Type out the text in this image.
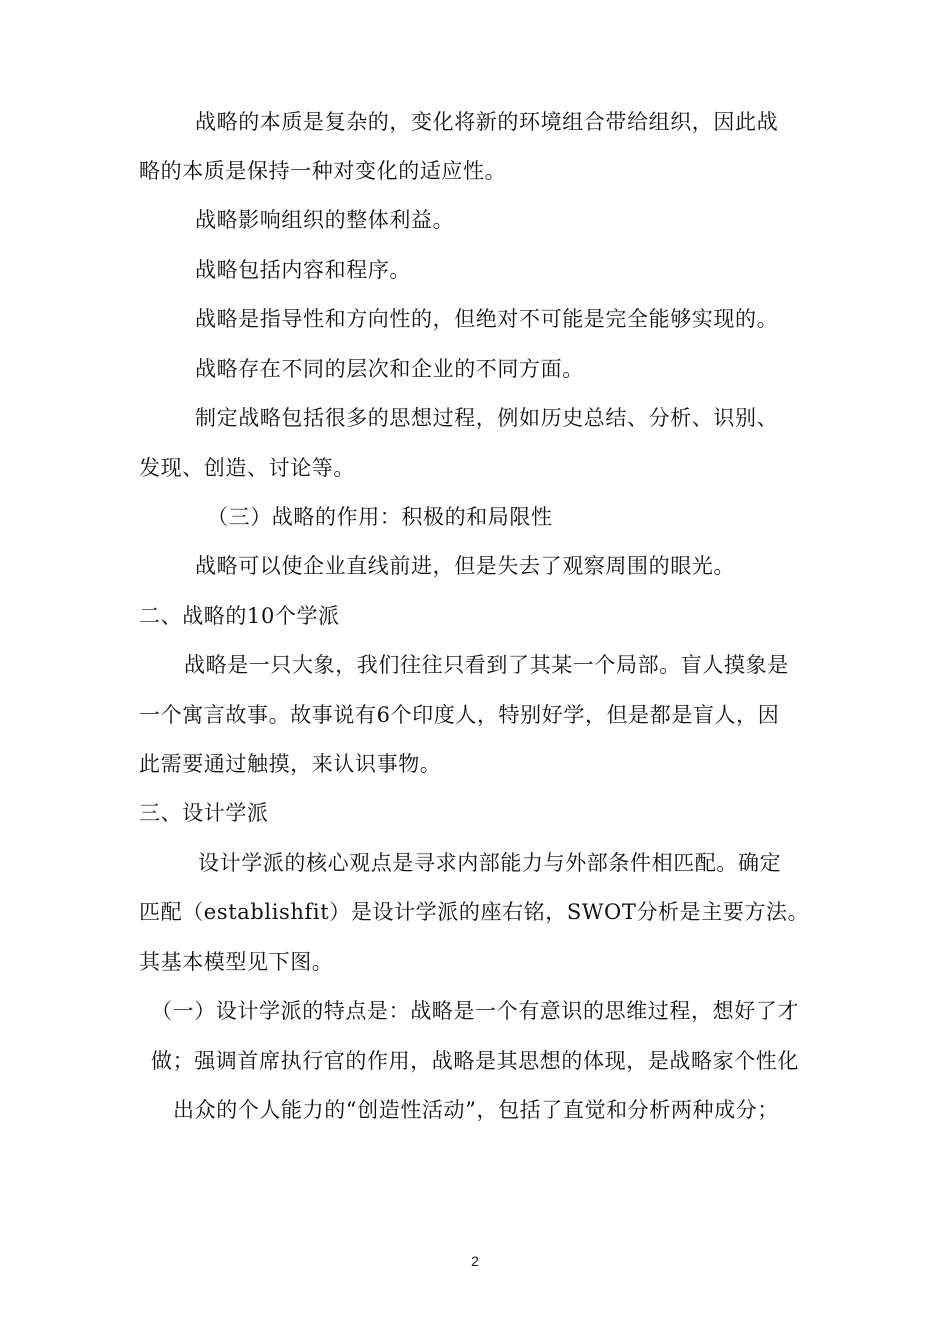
战略的本质是复杂的，变化将新的环境组合带给组织，因此战
略的本质是保持一种对变化的适应性。
战略影响组织的整体利益。
战略包括内容和程序。
战略是指导性和方向性的，但绝对不可能是完全能够实现的。
战略存在不同的层次和企业的不同方面。
制定战略包括很多的思想过程，例如历史总结、分析、识别、
发现、创造、讨论等。
（三）战略的作用：积极的和局限性
战略可以使企业直线前进，但是失去了观察周围的眼光。
二、战略的10个学派
战略是一只大象，我们往往只看到了其某一个局部。盲人摸象是
一个寓言故事。故事说有6个印度人，特别好学，但是都是盲人，因
此需要通过触摸，来认识事物。
三、设计学派
设计学派的核心观点是寻求内部能力与外部条件相匹配。确定
匹配（establishfit）是设计学派的座右铭，SWOT分析是主要方法。
其基本模型见下图。
（一）设计学派的特点是：战略是一个有意识的思维过程，想好了才
做；强调首席执行官的作用，战略是其思想的体现，是战略家个性化
出众的个人能力的“创造性活动”，包括了直觉和分析两种成分；
2
